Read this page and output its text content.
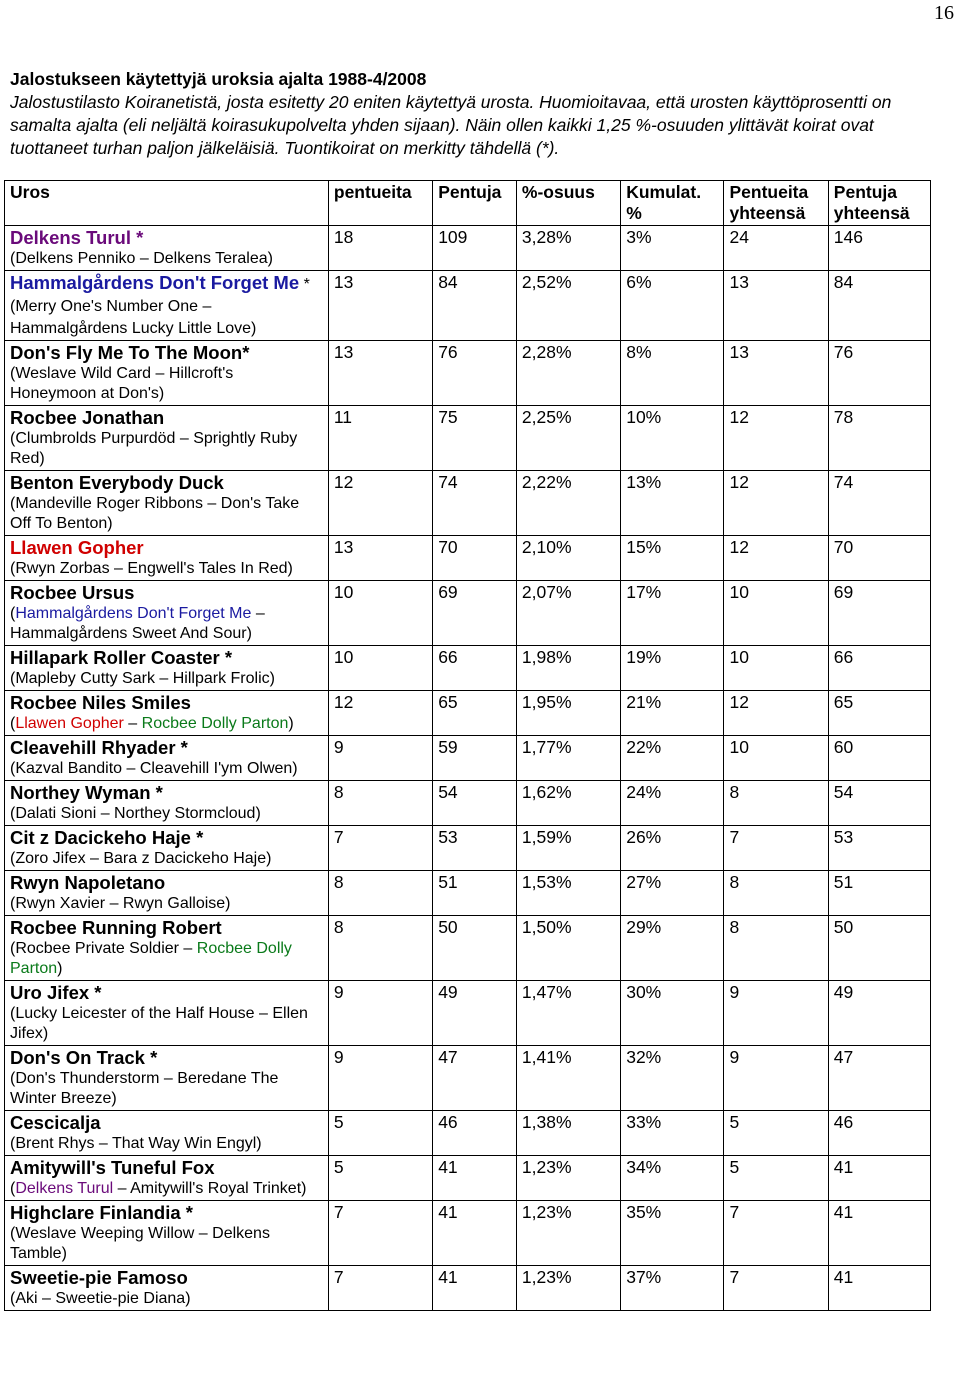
16
Jalostukseen käytettyjä uroksia ajalta 1988-4/2008
Jalostustilasto Koiranetistä, josta esitetty 20 eniten käytettyä urosta. Huomioitavaa, että urosten käyttöprosentti on samalta ajalta (eli neljältä koirasukupolvelta yhden sijaan). Näin ollen kaikki 1,25 %-osuuden ylittävät koirat ovat tuottaneet turhan paljon jälkeläisiä. Tuontikoirat on merkitty tähdellä (*).
Uros	pentueita	Pentuja	%-osuus	Kumulat. %	Pentueita yhteensä	Pentuja yhteensä
Delkens Turul *
(Delkens Penniko – Delkens Teralea)	18	109	3,28%	3%	24	146
Hammalgårdens Don't Forget Me * (Merry One's Number One – Hammalgårdens Lucky Little Love)	13	84	2,52%	6%	13	84
Don's Fly Me To The Moon*
(Weslave Wild Card – Hillcroft's Honeymoon at Don's)	13	76	2,28%	8%	13	76
Rocbee Jonathan
(Clumbrolds Purpurdöd – Sprightly Ruby Red)	11	75	2,25%	10%	12	78
Benton Everybody Duck
(Mandeville Roger Ribbons – Don's Take Off To Benton)	12	74	2,22%	13%	12	74
Llawen Gopher
(Rwyn Zorbas – Engwell's Tales In Red)	13	70	2,10%	15%	12	70
Rocbee Ursus
(Hammalgårdens Don't Forget Me – Hammalgårdens Sweet And Sour)	10	69	2,07%	17%	10	69
Hillapark Roller Coaster *
(Mapleby Cutty Sark – Hillpark Frolic)	10	66	1,98%	19%	10	66
Rocbee Niles Smiles
(Llawen Gopher – Rocbee Dolly Parton)	12	65	1,95%	21%	12	65
Cleavehill Rhyader *
(Kazval Bandito – Cleavehill I'ym Olwen)	9	59	1,77%	22%	10	60
Northey Wyman *
(Dalati Sioni – Northey Stormcloud)	8	54	1,62%	24%	8	54
Cit z Dacickeho Haje *
(Zoro Jifex – Bara z Dacickeho Haje)	7	53	1,59%	26%	7	53
Rwyn Napoletano
(Rwyn Xavier – Rwyn Galloise)	8	51	1,53%	27%	8	51
Rocbee Running Robert
(Rocbee Private Soldier – Rocbee Dolly Parton)	8	50	1,50%	29%	8	50
Uro Jifex *
(Lucky Leicester of the Half House – Ellen Jifex)	9	49	1,47%	30%	9	49
Don's On Track *
(Don's Thunderstorm – Beredane The Winter Breeze)	9	47	1,41%	32%	9	47
Cescicalja
(Brent Rhys – That Way Win Engyl)	5	46	1,38%	33%	5	46
Amitywill's Tuneful Fox
(Delkens Turul – Amitywill's Royal Trinket)	5	41	1,23%	34%	5	41
Highclare Finlandia *
(Weslave Weeping Willow – Delkens Tamble)	7	41	1,23%	35%	7	41
Sweetie-pie Famoso
(Aki – Sweetie-pie Diana)	7	41	1,23%	37%	7	41
